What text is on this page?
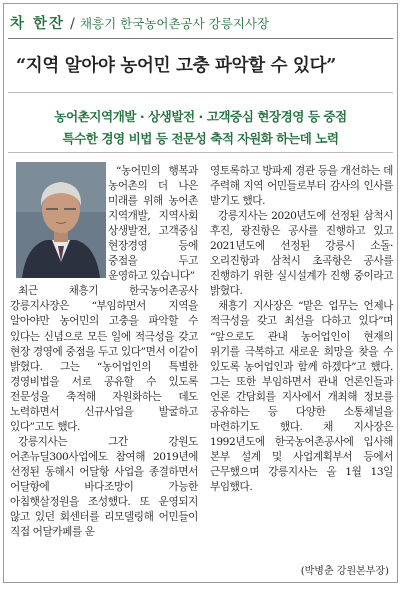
차 한잔 / 채흥기 한국농어촌공사 강릉지사장
“지역 알아야 농어민 고충 파악할 수 있다”
농어촌지역개발 · 상생발전 · 고객중심 현장경영 등 중점
특수한 경영 비법 등 전문성 축적 자원화 하는데 노력

“농어민의 행복과 농어촌의 더 나은 미래를 위해 농어촌 지역개발, 지역사회 상생발전, 고객중심 현장경영 등에 중점을 두고 운영하고 있습니다”

최근 채흥기 한국농어촌공사 강릉지사장은 “부임하면서 지역을 알아야만 농어민의 고충을 파악할 수 있다는 신념으로 모든 일에 적극성을 갖고 현장 경영에 중점을 두고 있다”면서 이같이 밝혔다. 그는 “농어업인의 특별한 경영비법을 서로 공유할 수 있도록 전문성을 축적해 자원화하는 데도 노력하면서 신규사업을 발굴하고 있다”고도 했다.

강릉지사는 그간 강원도 어촌뉴딜300사업에도 참여해 2019년에 선정된 동해시 어달항 사업을 종결하면서 어달항에 바다조망이 가능한 아침햇살정원을 조성했다. 또 운영되지 않고 있던 회센터를 리모델링해 어민들이 직접 어달카페를 운

영토록하고 방파제 경관 등을 개선하는 데 주력해 지역 어민들로부터 감사의 인사를 받기도 했다.

강릉지사는 2020년도에 선정된 삼척시 후진, 광진항은 공사를 진행하고 있고 2021년도에 선정된 강릉시 소돌·오리진항과 삼척시 초곡항은 공사를 진행하기 위한 실시설계가 진행 중이라고 밝혔다.

채흥기 지사장은 “맡은 업무는 언제나 적극성을 갖고 최선을 다하고 있다”며 “앞으로도 관내 농어업인이 현재의 위기를 극복하고 새로운 희망을 찾을 수 있도록 농어업인과 함께 하겠다”고 했다. 그는 또한 부임하면서 관내 언론인들과 언론 간담회를 지사에서 개최해 정보를 공유하는 등 다양한 소통채널을 마련하기도 했다. 채 지사장은 1992년도에 한국농어촌공사에 입사해 본부 설계 및 사업계획부서 등에서 근무했으며 강릉지사는 올 1월 13일 부임했다.

(박병춘 강원본부장)
